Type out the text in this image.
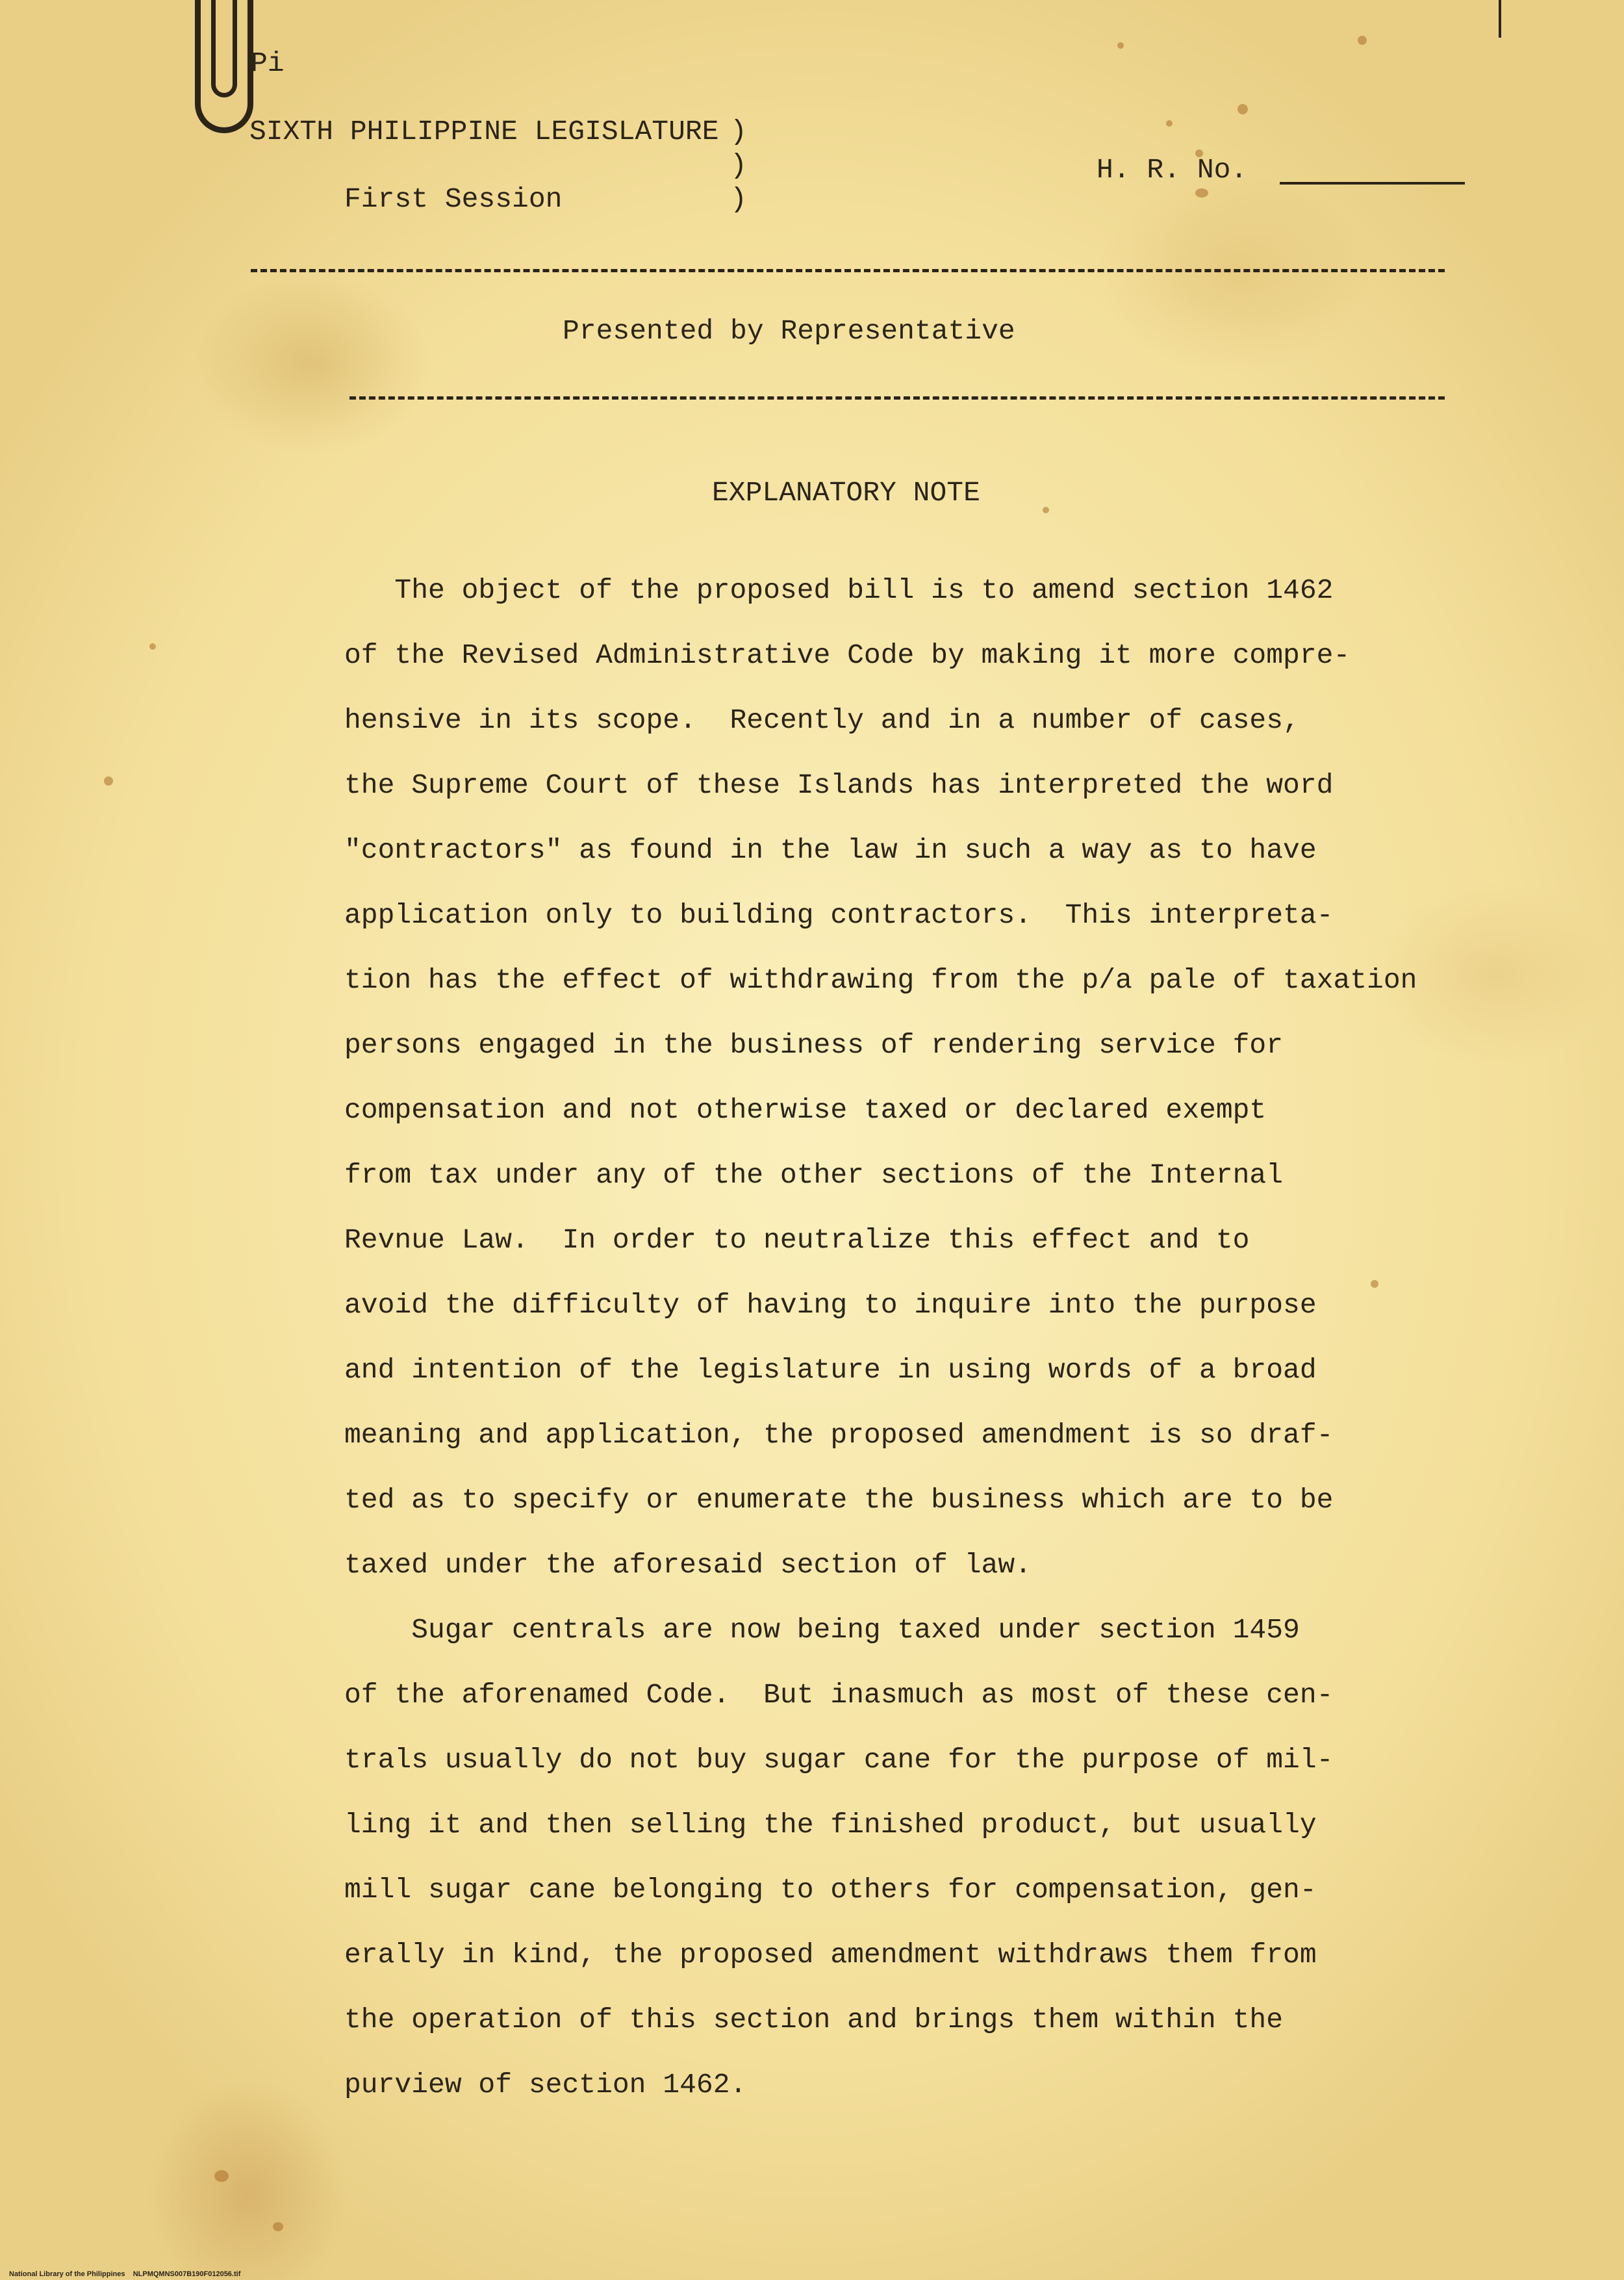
Pi
SIXTH PHILIPPINE LEGISLATURE
First Session
)
)
)
H. R. No.
Presented by Representative
EXPLANATORY NOTE
The object of the proposed bill is to amend section 1462
of the Revised Administrative Code by making it more compre-
hensive in its scope.  Recently and in a number of cases,
the Supreme Court of these Islands has interpreted the word
"contractors" as found in the law in such a way as to have
application only to building contractors.  This interpreta-
tion has the effect of withdrawing from the p/a pale of taxation
persons engaged in the business of rendering service for
compensation and not otherwise taxed or declared exempt
from tax under any of the other sections of the Internal
Revnue Law.  In order to neutralize this effect and to
avoid the difficulty of having to inquire into the purpose
and intention of the legislature in using words of a broad
meaning and application, the proposed amendment is so draf-
ted as to specify or enumerate the business which are to be
taxed under the aforesaid section of law.
Sugar centrals are now being taxed under section 1459
of the aforenamed Code.  But inasmuch as most of these cen-
trals usually do not buy sugar cane for the purpose of mil-
ling it and then selling the finished product, but usually
mill sugar cane belonging to others for compensation, gen-
erally in kind, the proposed amendment withdraws them from
the operation of this section and brings them within the
purview of section 1462.
National Library of the Philippines    NLPMQMNS007B190F012056.tif
